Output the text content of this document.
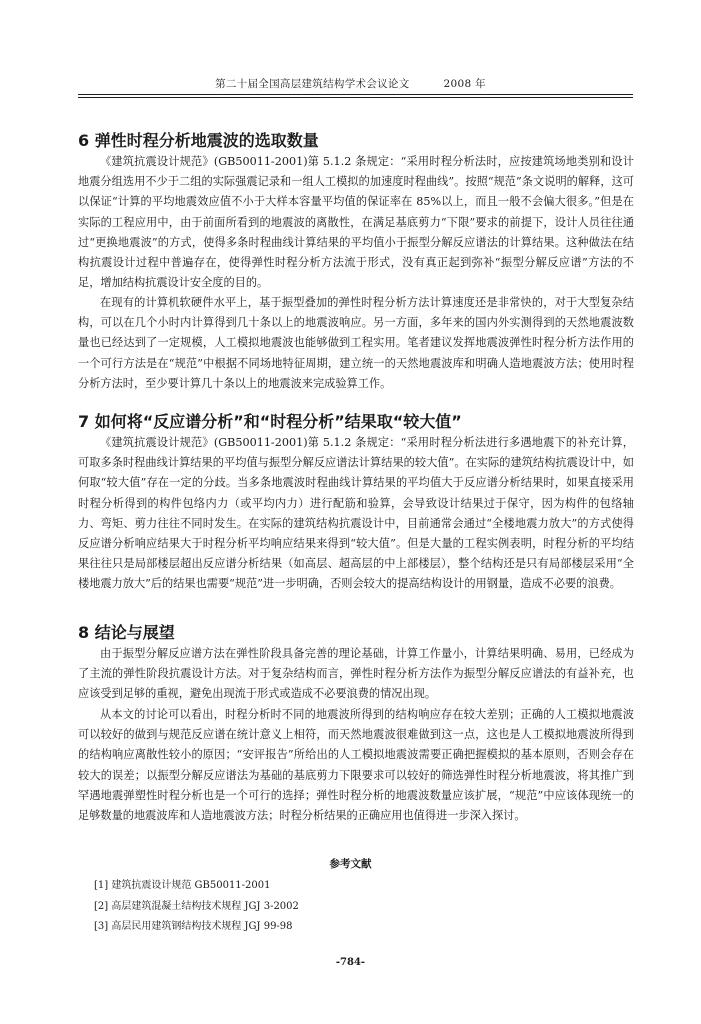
第二十届全国高层建筑结构学术会议论文	2008 年
6 弹性时程分析地震波的选取数量

《建筑抗震设计规范》(GB50011-2001)第 5.1.2 条规定：“采用时程分析法时，应按建筑场地类别和设计地震分组选用不少于二组的实际强震记录和一组人工模拟的加速度时程曲线”。按照“规范”条文说明的解释，这可以保证“计算的平均地震效应值不小于大样本容量平均值的保证率在 85%以上，而且一般不会偏大很多。”但是在实际的工程应用中，由于前面所看到的地震波的离散性，在满足基底剪力“下限”要求的前提下，设计人员往往通过“更换地震波”的方式，使得多条时程曲线计算结果的平均值小于振型分解反应谱法的计算结果。这种做法在结构抗震设计过程中普遍存在，使得弹性时程分析方法流于形式，没有真正起到弥补“振型分解反应谱”方法的不足，增加结构抗震设计安全度的目的。

在现有的计算机软硬件水平上，基于振型叠加的弹性时程分析方法计算速度还是非常快的，对于大型复杂结构，可以在几个小时内计算得到几十条以上的地震波响应。另一方面，多年来的国内外实测得到的天然地震波数量也已经达到了一定规模，人工模拟地震波也能够做到工程实用。笔者建议发挥地震波弹性时程分析方法作用的一个可行方法是在“规范”中根据不同场地特征周期，建立统一的天然地震波库和明确人造地震波方法；使用时程分析方法时，至少要计算几十条以上的地震波来完成验算工作。

7 如何将“反应谱分析”和“时程分析”结果取“较大值”

《建筑抗震设计规范》(GB50011-2001)第 5.1.2 条规定：“采用时程分析法进行多遇地震下的补充计算，可取多条时程曲线计算结果的平均值与振型分解反应谱法计算结果的较大值”。在实际的建筑结构抗震设计中，如何取“较大值”存在一定的分歧。当多条地震波时程曲线计算结果的平均值大于反应谱分析结果时，如果直接采用时程分析得到的构件包络内力（或平均内力）进行配筋和验算，会导致设计结果过于保守，因为构件的包络轴力、弯矩、剪力往往不同时发生。在实际的建筑结构抗震设计中，目前通常会通过“全楼地震力放大”的方式使得反应谱分析响应结果大于时程分析平均响应结果来得到“较大值”。但是大量的工程实例表明，时程分析的平均结果往往只是局部楼层超出反应谱分析结果（如高层、超高层的中上部楼层），整个结构还是只有局部楼层采用“全楼地震力放大”后的结果也需要“规范”进一步明确，否则会较大的提高结构设计的用钢量，造成不必要的浪费。

8 结论与展望

由于振型分解反应谱方法在弹性阶段具备完善的理论基础，计算工作量小，计算结果明确、易用，已经成为了主流的弹性阶段抗震设计方法。对于复杂结构而言，弹性时程分析方法作为振型分解反应谱法的有益补充，也应该受到足够的重视，避免出现流于形式或造成不必要浪费的情况出现。

从本文的讨论可以看出，时程分析时不同的地震波所得到的结构响应存在较大差别；正确的人工模拟地震波可以较好的做到与规范反应谱在统计意义上相符，而天然地震波很难做到这一点，这也是人工模拟地震波所得到的结构响应离散性较小的原因；“安评报告”所给出的人工模拟地震波需要正确把握模拟的基本原则，否则会存在较大的误差；以振型分解反应谱法为基础的基底剪力下限要求可以较好的筛选弹性时程分析地震波，将其推广到罕遇地震弹塑性时程分析也是一个可行的选择；弹性时程分析的地震波数量应该扩展，“规范”中应该体现统一的足够数量的地震波库和人造地震波方法；时程分析结果的正确应用也值得进一步深入探讨。

参考文献
[1] 建筑抗震设计规范 GB50011-2001
[2] 高层建筑混凝土结构技术规程 JGJ 3-2002
[3] 高层民用建筑钢结构技术规程 JGJ 99-98
-784-
